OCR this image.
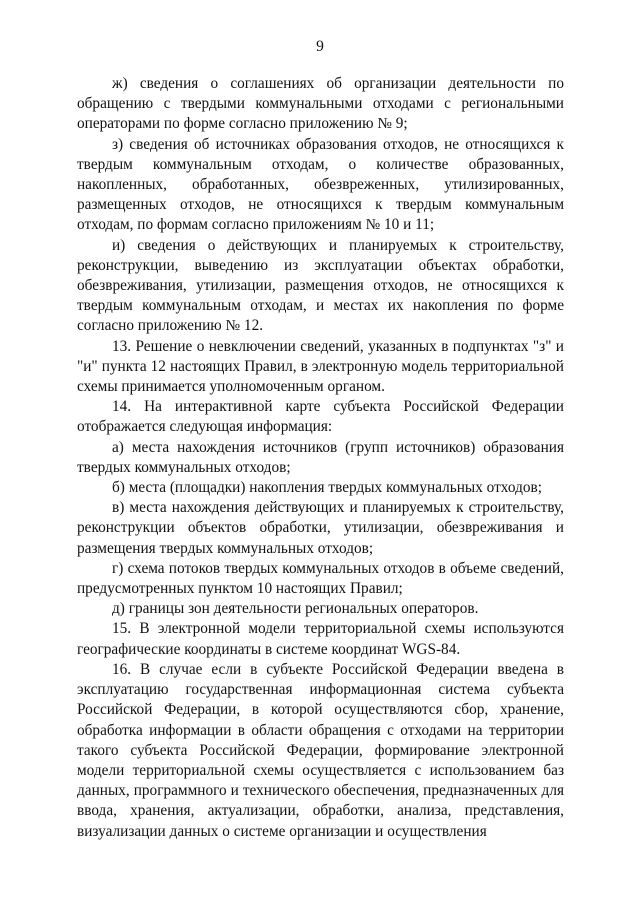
9

ж) сведения о соглашениях об организации деятельности по обращению с твердыми коммунальными отходами с региональными операторами по форме согласно приложению № 9;

з) сведения об источниках образования отходов, не относящихся к твердым коммунальным отходам, о количестве образованных, накопленных, обработанных, обезвреженных, утилизированных, размещенных отходов, не относящихся к твердым коммунальным отходам, по формам согласно приложениям № 10 и 11;

и) сведения о действующих и планируемых к строительству, реконструкции, выведению из эксплуатации объектах обработки, обезвреживания, утилизации, размещения отходов, не относящихся к твердым коммунальным отходам, и местах их накопления по форме согласно приложению № 12.

13. Решение о невключении сведений, указанных в подпунктах "з" и "и" пункта 12 настоящих Правил, в электронную модель территориальной схемы принимается уполномоченным органом.

14. На интерактивной карте субъекта Российской Федерации отображается следующая информация:

а) места нахождения источников (групп источников) образования твердых коммунальных отходов;

б) места (площадки) накопления твердых коммунальных отходов;

в) места нахождения действующих и планируемых к строительству, реконструкции объектов обработки, утилизации, обезвреживания и размещения твердых коммунальных отходов;

г) схема потоков твердых коммунальных отходов в объеме сведений, предусмотренных пунктом 10 настоящих Правил;

д) границы зон деятельности региональных операторов.

15. В электронной модели территориальной схемы используются географические координаты в системе координат WGS-84.

16. В случае если в субъекте Российской Федерации введена в эксплуатацию государственная информационная система субъекта Российской Федерации, в которой осуществляются сбор, хранение, обработка информации в области обращения с отходами на территории такого субъекта Российской Федерации, формирование электронной модели территориальной схемы осуществляется с использованием баз данных, программного и технического обеспечения, предназначенных для ввода, хранения, актуализации, обработки, анализа, представления, визуализации данных о системе организации и осуществления
